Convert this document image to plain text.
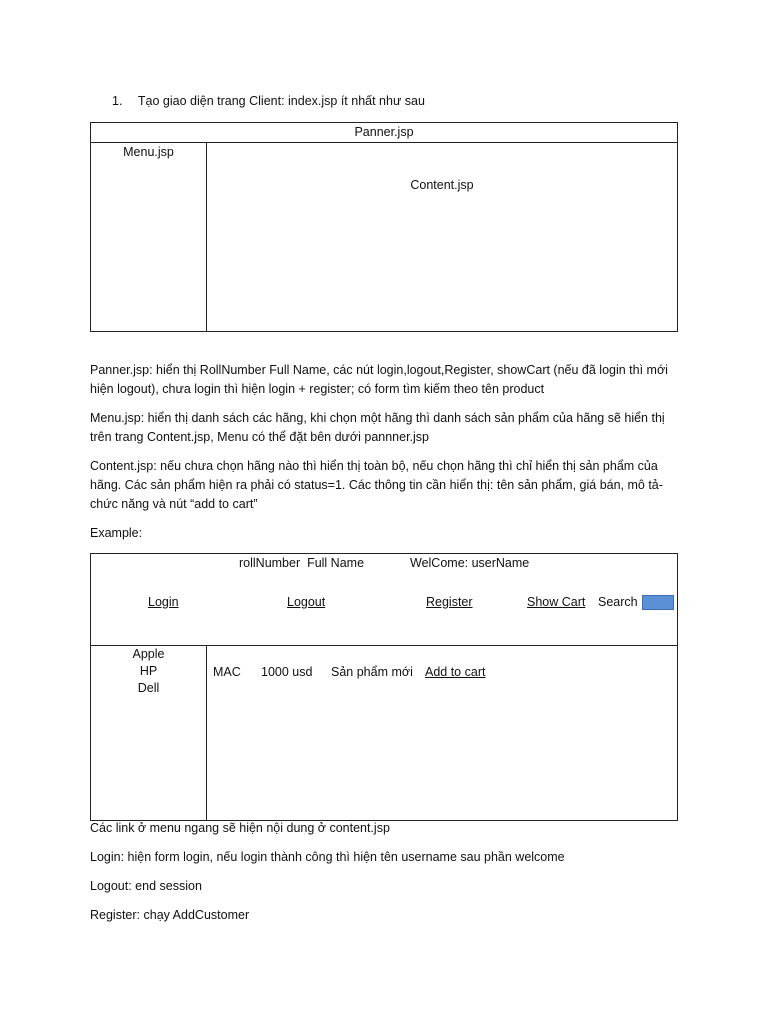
1. Tạo giao diện trang Client: index.jsp ít nhất như sau
Panner.jsp
Menu.jsp	Content.jsp
Panner.jsp: hiển thị RollNumber Full Name, các nút login,logout,Register, showCart (nếu đã login thì mới hiện logout), chưa login thì hiện login + register; có form tìm kiếm theo tên product
Menu.jsp: hiển thị danh sách các hãng, khi chọn một hãng thì danh sách sản phẩm của hãng sẽ hiển thị trên trang Content.jsp, Menu có thể đặt bên dưới pannner.jsp
Content.jsp: nếu chưa chọn hãng nào thì hiển thị toàn bộ, nếu chọn hãng thì chỉ hiển thị sản phẩm của hãng. Các sản phẩm hiện ra phải có status=1. Các thông tin cần hiển thị: tên sản phẩm, giá bán, mô tả-chức năng và nút “add to cart”
Example:
rollNumber  Full Name	WelCome: userName
Login	Logout	Register	Show Cart Search
Apple
HP
Dell
MAC 1000 usd Sản phẩm mới Add to cart
Các link ở menu ngang sẽ hiện nội dung ở content.jsp
Login: hiện form login, nếu login thành công thì hiện tên username sau phần welcome
Logout: end session
Register: chạy AddCustomer
